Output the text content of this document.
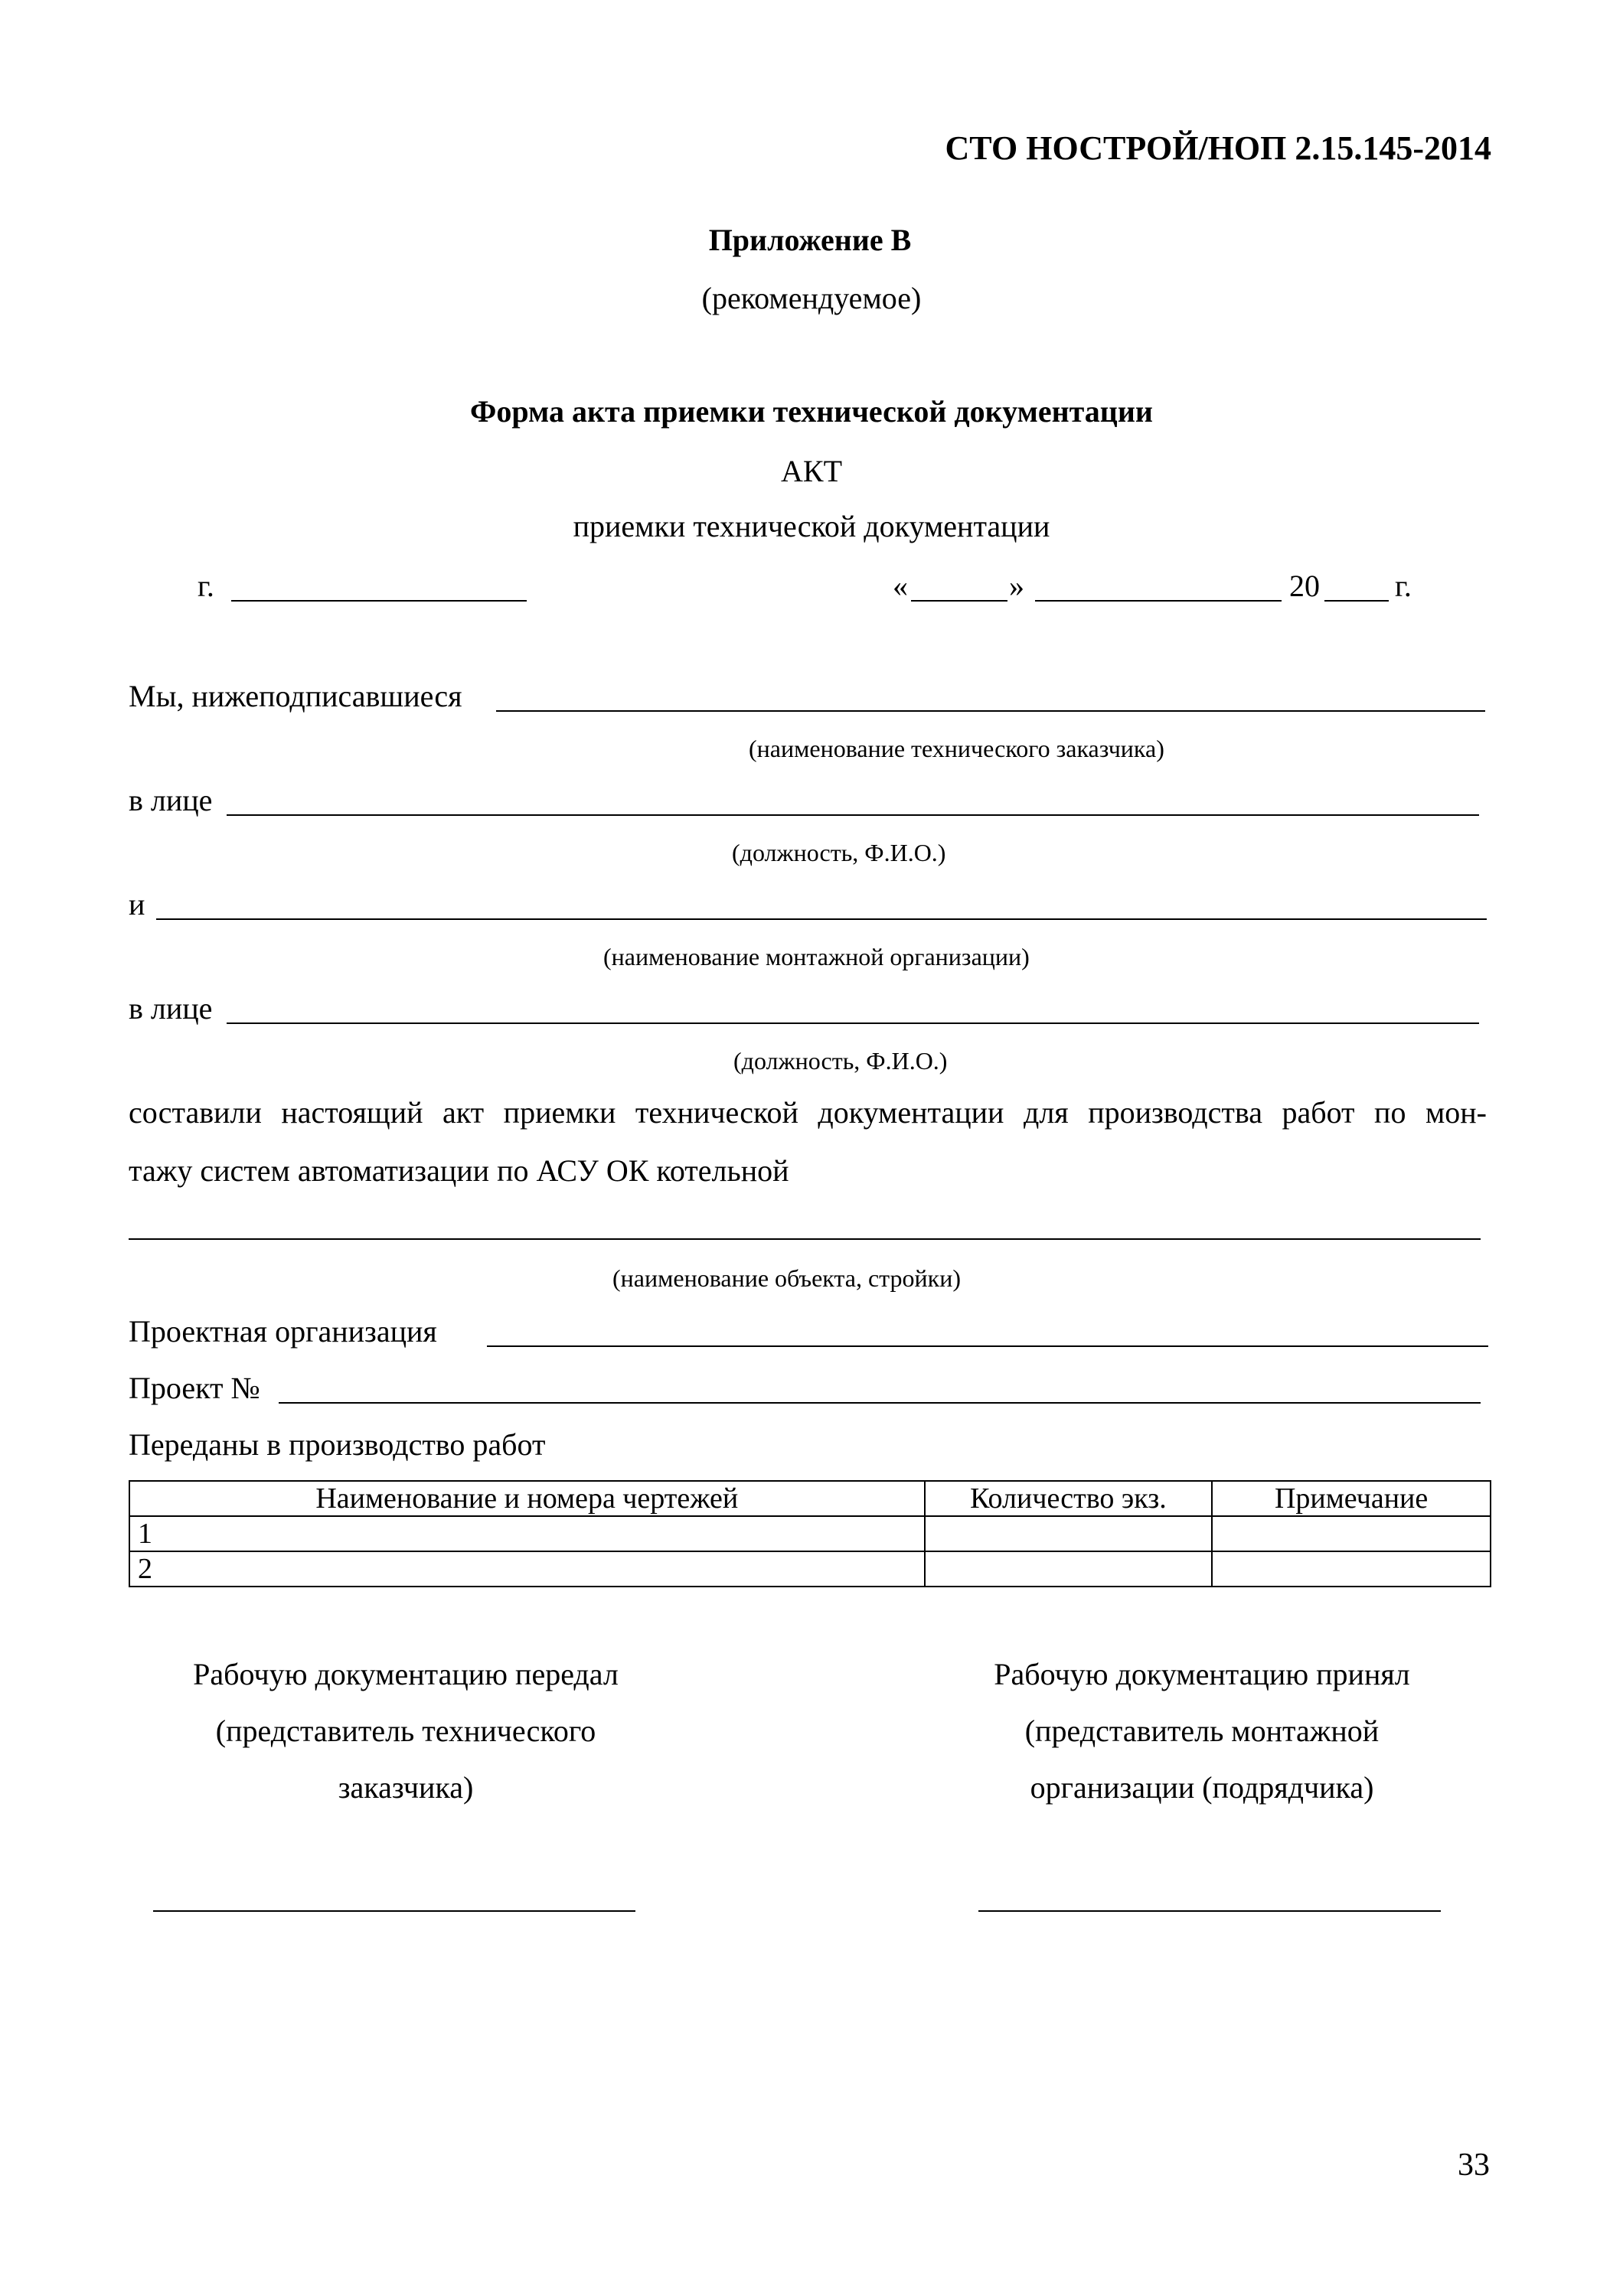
СТО НОСТРОЙ/НОП 2.15.145-2014
Приложение В
(рекомендуемое)
Форма акта приемки технической документации
АКТ
приемки технической документации
г.	«	»	20 г.
Мы, нижеподписавшиеся
(наименование технического заказчика)
в лице
(должность, Ф.И.О.)
и
(наименование монтажной организации)
в лице
(должность, Ф.И.О.)
составили настоящий акт приемки технической документации для производства работ по мон-
тажу систем автоматизации по АСУ ОК котельной
(наименование объекта, стройки)
Проектная организация
Проект №
Переданы в производство работ
Наименование и номера чертежей	Количество экз.	Примечание
1		
2		
Рабочую документацию передал
(представитель технического
заказчика)
Рабочую документацию принял
(представитель монтажной
организации (подрядчика)
33
